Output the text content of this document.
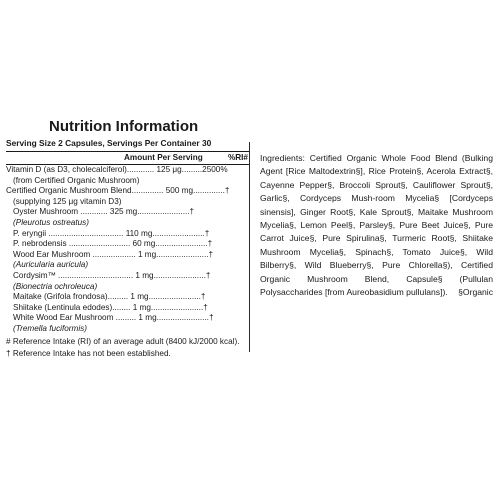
Nutrition Information
Serving Size 2 Capsules, Servings Per Container 30
Amount Per Serving	%RI#
Vitamin D (as D3, cholecalciferol)............ 125 μg.........2500%
(from Certified Organic Mushroom)
Certified Organic Mushroom Blend.............. 500 mg..............†
(supplying 125 μg vitamin D3)
Oyster Mushroom ............ 325 mg.......................†
(Pleurotus ostreatus)
P. eryngii ................................. 110 mg.......................†
P. nebrodensis ........................... 60 mg.......................†
Wood Ear Mushroom ................... 1 mg.......................†
(Auricularia auricula)
Cordysim™ ................................. 1 mg.......................†
(Bionectria ochroleuca)
Maitake (Grifola frondosa)......... 1 mg.......................†
Shiitake (Lentinula edodes)........ 1 mg.......................†
White Wood Ear Mushroom ......... 1 mg.......................†
(Tremella fuciformis)
# Reference Intake (RI) of an average adult (8400 kJ/2000 kcal).
† Reference Intake has not been established.
Ingredients: Certified Organic Whole Food Blend (Bulking Agent [Rice Maltodextrin§], Rice Protein§, Acerola Extract§, Cayenne Pepper§, Broccoli Sprout§, Cauliflower Sprout§, Garlic§, Cordyceps Mush-room Mycelia§ [Cordyceps sinensis], Ginger Root§, Kale Sprout§, Maitake Mushroom Mycelia§, Lemon Peel§, Parsley§, Pure Beet Juice§, Pure Carrot Juice§, Pure Spirulina§, Turmeric Root§, Shiitake Mushroom Mycelia§, Spinach§, Tomato Juice§, Wild Bilberry§, Wild Blueberry§, Pure Chlorella§), Certified Organic Mushroom Blend, Capsule§ (Pullulan Polysaccharides [from Aureobasidium pullulans]).	§Organic
